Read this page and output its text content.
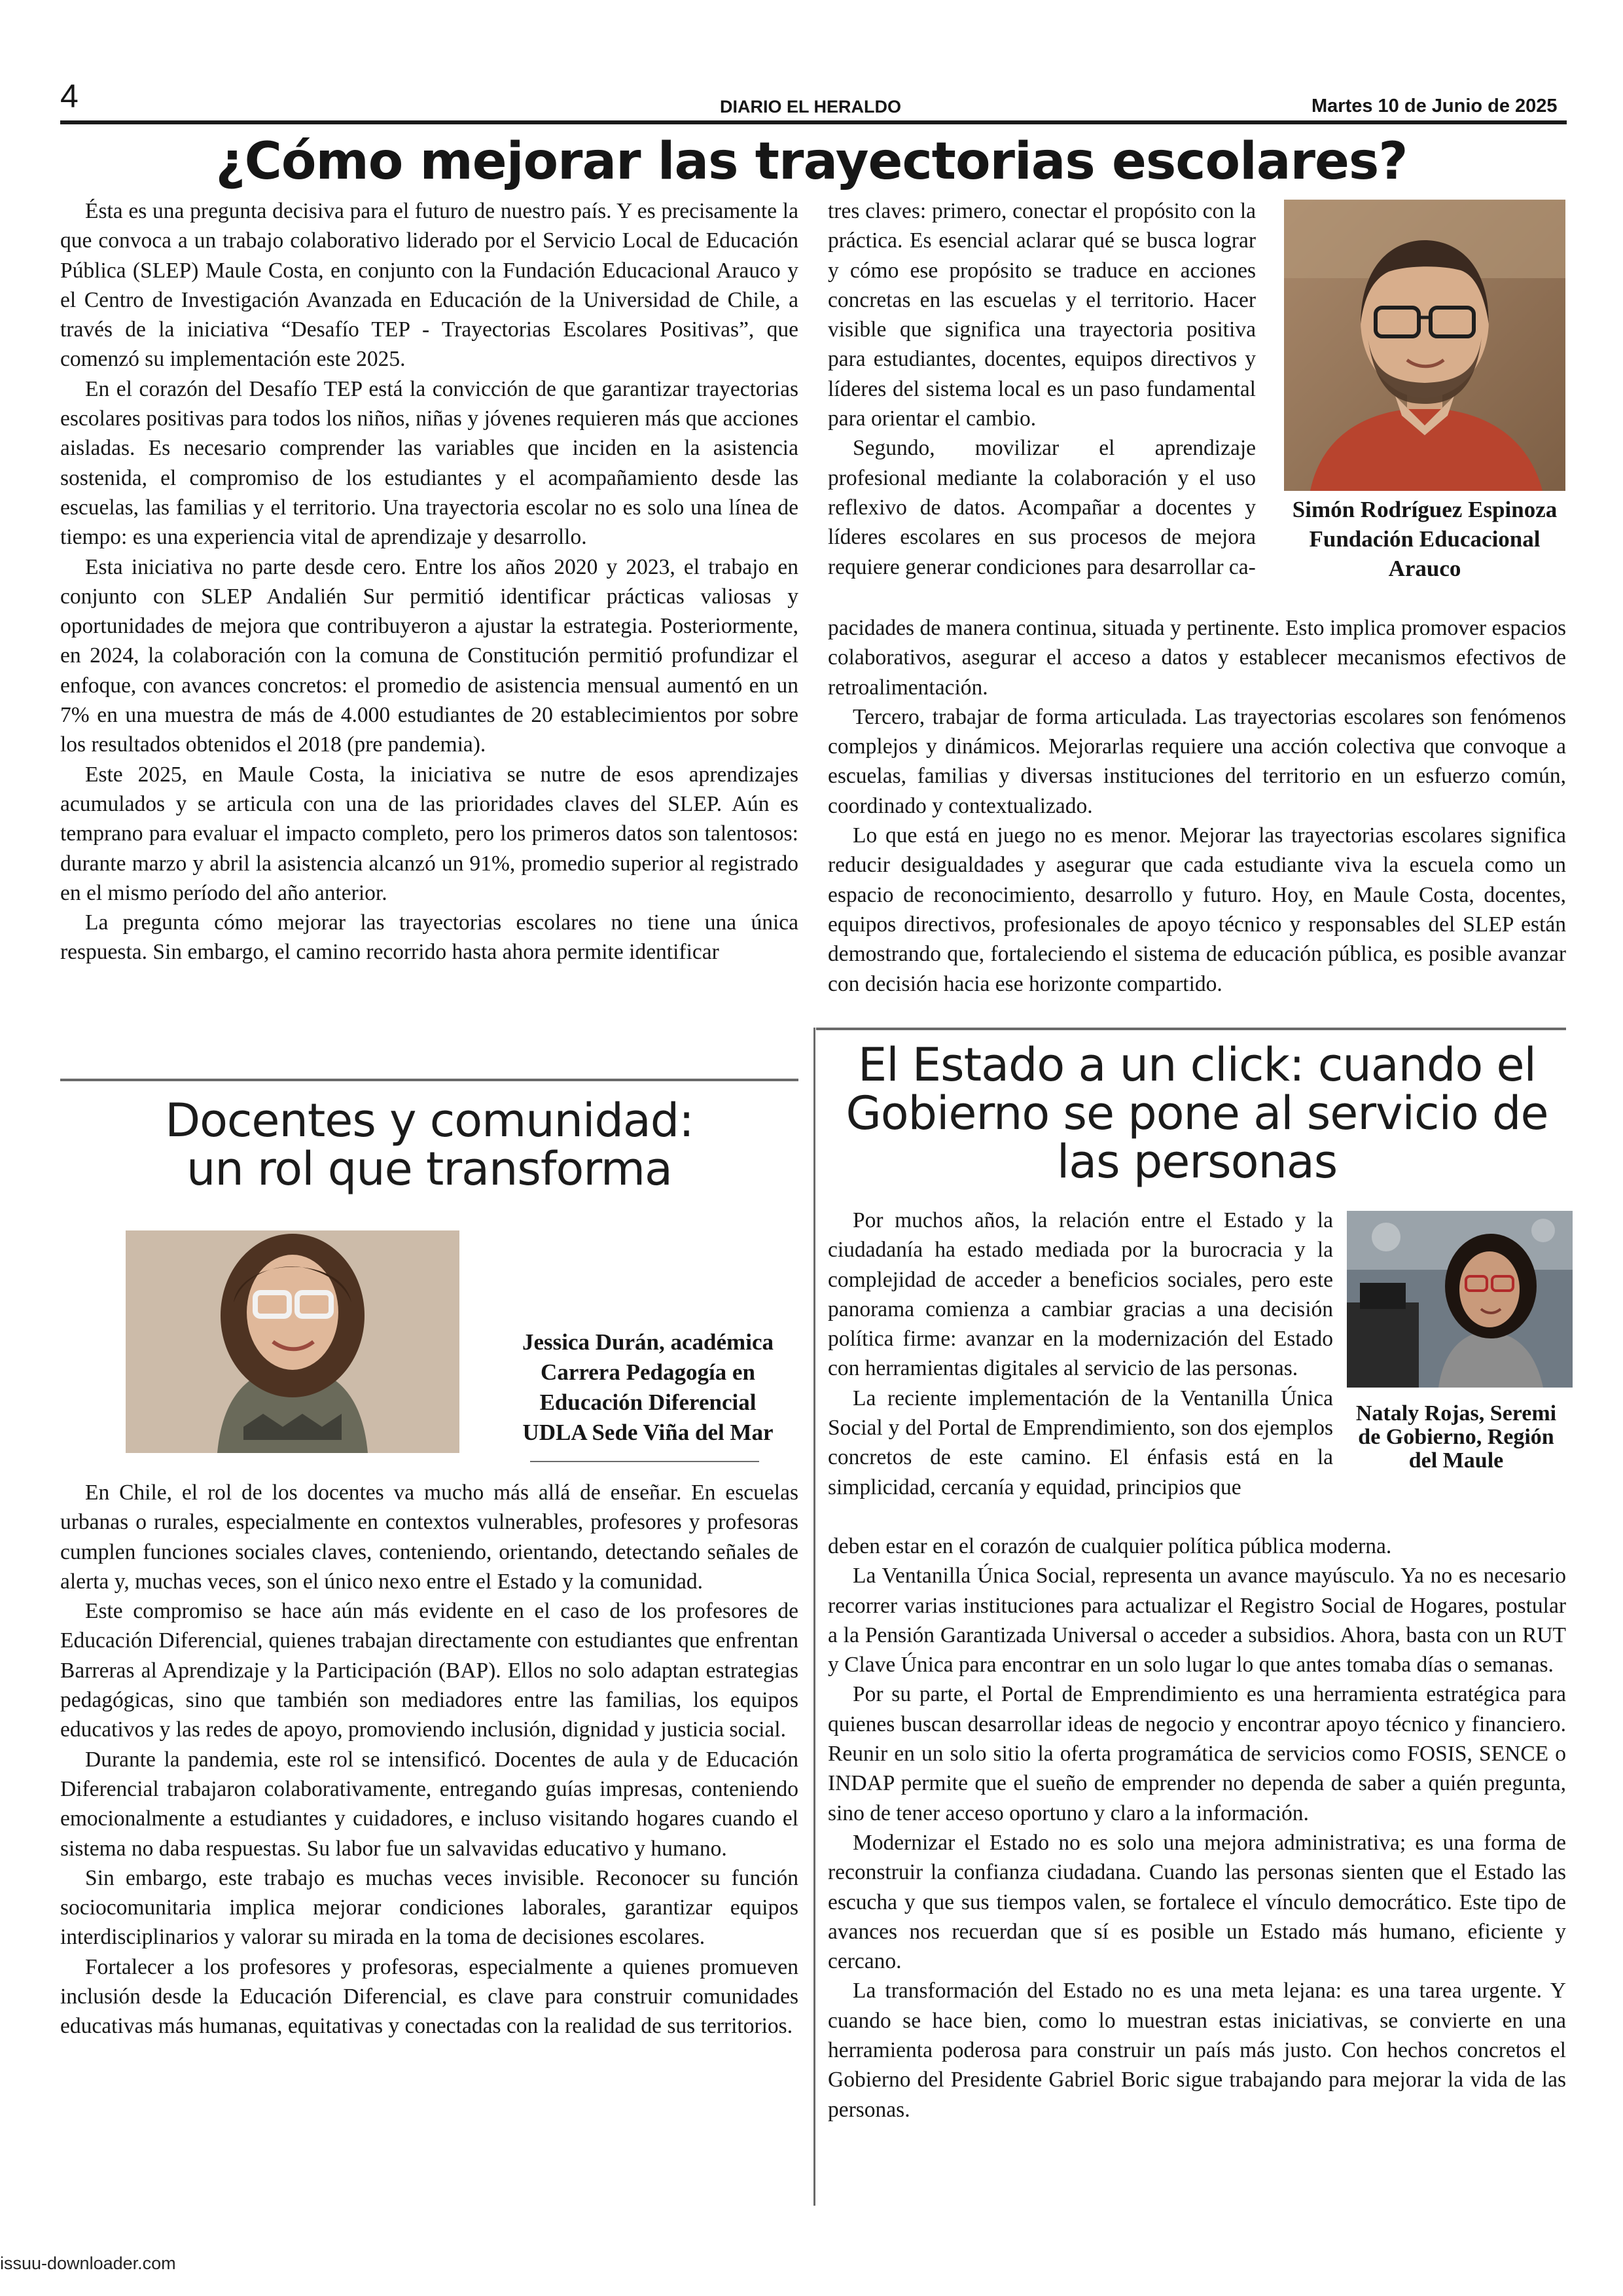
4	DIARIO EL HERALDO	Martes 10 de Junio de 2025
¿Cómo mejorar las trayectorias escolares?

Ésta es una pregunta decisiva para el futuro de nuestro país. Y es precisamente la que convoca a un trabajo colaborativo liderado por el Servicio Local de Educación Pública (SLEP) Maule Costa, en conjunto con la Fundación Educacional Arauco y el Centro de Investigación Avanzada en Educación de la Universidad de Chile, a través de la iniciativa “Desafío TEP - Trayectorias Escolares Positivas”, que comenzó su implementación este 2025.

En el corazón del Desafío TEP está la convicción de que garantizar trayectorias escolares positivas para todos los niños, niñas y jóvenes requieren más que acciones aisladas. Es necesario comprender las variables que inciden en la asistencia sostenida, el compromiso de los estudiantes y el acompañamiento desde las escuelas, las familias y el territorio. Una trayectoria escolar no es solo una línea de tiempo: es una experiencia vital de aprendizaje y desarrollo.

Esta iniciativa no parte desde cero. Entre los años 2020 y 2023, el trabajo en conjunto con SLEP Andalién Sur permitió identificar prácticas valiosas y oportunidades de mejora que contribuyeron a ajustar la estrategia. Posteriormente, en 2024, la colaboración con la comuna de Constitución permitió profundizar el enfoque, con avances concretos: el promedio de asistencia mensual aumentó en un 7% en una muestra de más de 4.000 estudiantes de 20 establecimientos por sobre los resultados obtenidos el 2018 (pre pandemia).

Este 2025, en Maule Costa, la iniciativa se nutre de esos aprendizajes acumulados y se articula con una de las prioridades claves del SLEP. Aún es temprano para evaluar el impacto completo, pero los primeros datos son talentosos: durante marzo y abril la asistencia alcanzó un 91%, promedio superior al registrado en el mismo período del año anterior.

La pregunta cómo mejorar las trayectorias escolares no tiene una única respuesta. Sin embargo, el camino recorrido hasta ahora permite identificar

tres claves: primero, conectar el propósito con la práctica. Es esencial aclarar qué se busca lograr y cómo ese propósito se traduce en acciones concretas en las escuelas y el territorio. Hacer visible que significa una trayectoria positiva para estudiantes, docentes, equipos directivos y líderes del sistema local es un paso fundamental para orientar el cambio.

Segundo, movilizar el aprendizaje profesional mediante la colaboración y el uso reflexivo de datos. Acompañar a docentes y líderes escolares en sus procesos de mejora requiere generar condiciones para desarrollar ca-

Simón Rodríguez Espinoza
Fundación Educacional
Arauco

pacidades de manera continua, situada y pertinente. Esto implica promover espacios colaborativos, asegurar el acceso a datos y establecer mecanismos efectivos de retroalimentación.

Tercero, trabajar de forma articulada. Las trayectorias escolares son fenómenos complejos y dinámicos. Mejorarlas requiere una acción colectiva que convoque a escuelas, familias y diversas instituciones del territorio en un esfuerzo común, coordinado y contextualizado.

Lo que está en juego no es menor. Mejorar las trayectorias escolares significa reducir desigualdades y asegurar que cada estudiante viva la escuela como un espacio de reconocimiento, desarrollo y futuro. Hoy, en Maule Costa, docentes, equipos directivos, profesionales de apoyo técnico y responsables del SLEP están demostrando que, fortaleciendo el sistema de educación pública, es posible avanzar con decisión hacia ese horizonte compartido.

Docentes y comunidad:
un rol que transforma
Jessica Durán, académica
Carrera Pedagogía en
Educación Diferencial
UDLA Sede Viña del Mar

En Chile, el rol de los docentes va mucho más allá de enseñar. En escuelas urbanas o rurales, especialmente en contextos vulnerables, profesores y profesoras cumplen funciones sociales claves, conteniendo, orientando, detectando señales de alerta y, muchas veces, son el único nexo entre el Estado y la comunidad.

Este compromiso se hace aún más evidente en el caso de los profesores de Educación Diferencial, quienes trabajan directamente con estudiantes que enfrentan Barreras al Aprendizaje y la Participación (BAP). Ellos no solo adaptan estrategias pedagógicas, sino que también son mediadores entre las familias, los equipos educativos y las redes de apoyo, promoviendo inclusión, dignidad y justicia social.

Durante la pandemia, este rol se intensificó. Docentes de aula y de Educación Diferencial trabajaron colaborativamente, entregando guías impresas, conteniendo emocionalmente a estudiantes y cuidadores, e incluso visitando hogares cuando el sistema no daba respuestas. Su labor fue un salvavidas educativo y humano.

Sin embargo, este trabajo es muchas veces invisible. Reconocer su función sociocomunitaria implica mejorar condiciones laborales, garantizar equipos interdisciplinarios y valorar su mirada en la toma de decisiones escolares.

Fortalecer a los profesores y profesoras, especialmente a quienes promueven inclusión desde la Educación Diferencial, es clave para construir comunidades educativas más humanas, equitativas y conectadas con la realidad de sus territorios.

El Estado a un click: cuando el
Gobierno se pone al servicio de
las personas

Por muchos años, la relación entre el Estado y la ciudadanía ha estado mediada por la burocracia y la complejidad de acceder a beneficios sociales, pero este panorama comienza a cambiar gracias a una decisión política firme: avanzar en la modernización del Estado con herramientas digitales al servicio de las personas.

La reciente implementación de la Ventanilla Única Social y del Portal de Emprendimiento, son dos ejemplos concretos de este camino. El énfasis está en la simplicidad, cercanía y equidad, principios que

Nataly Rojas, Seremi
de Gobierno, Región
del Maule

deben estar en el corazón de cualquier política pública moderna.

La Ventanilla Única Social, representa un avance mayúsculo. Ya no es necesario recorrer varias instituciones para actualizar el Registro Social de Hogares, postular a la Pensión Garantizada Universal o acceder a subsidios. Ahora, basta con un RUT y Clave Única para encontrar en un solo lugar lo que antes tomaba días o semanas.

Por su parte, el Portal de Emprendimiento es una herramienta estratégica para quienes buscan desarrollar ideas de negocio y encontrar apoyo técnico y financiero. Reunir en un solo sitio la oferta programática de servicios como FOSIS, SENCE o INDAP permite que el sueño de emprender no dependa de saber a quién pregunta, sino de tener acceso oportuno y claro a la información.

Modernizar el Estado no es solo una mejora administrativa; es una forma de reconstruir la confianza ciudadana. Cuando las personas sienten que el Estado las escucha y que sus tiempos valen, se fortalece el vínculo democrático. Este tipo de avances nos recuerdan que sí es posible un Estado más humano, eficiente y cercano.

La transformación del Estado no es una meta lejana: es una tarea urgente. Y cuando se hace bien, como lo muestran estas iniciativas, se convierte en una herramienta poderosa para construir un país más justo. Con hechos concretos el Gobierno del Presidente Gabriel Boric sigue trabajando para mejorar la vida de las personas.

issuu-downloader.com
